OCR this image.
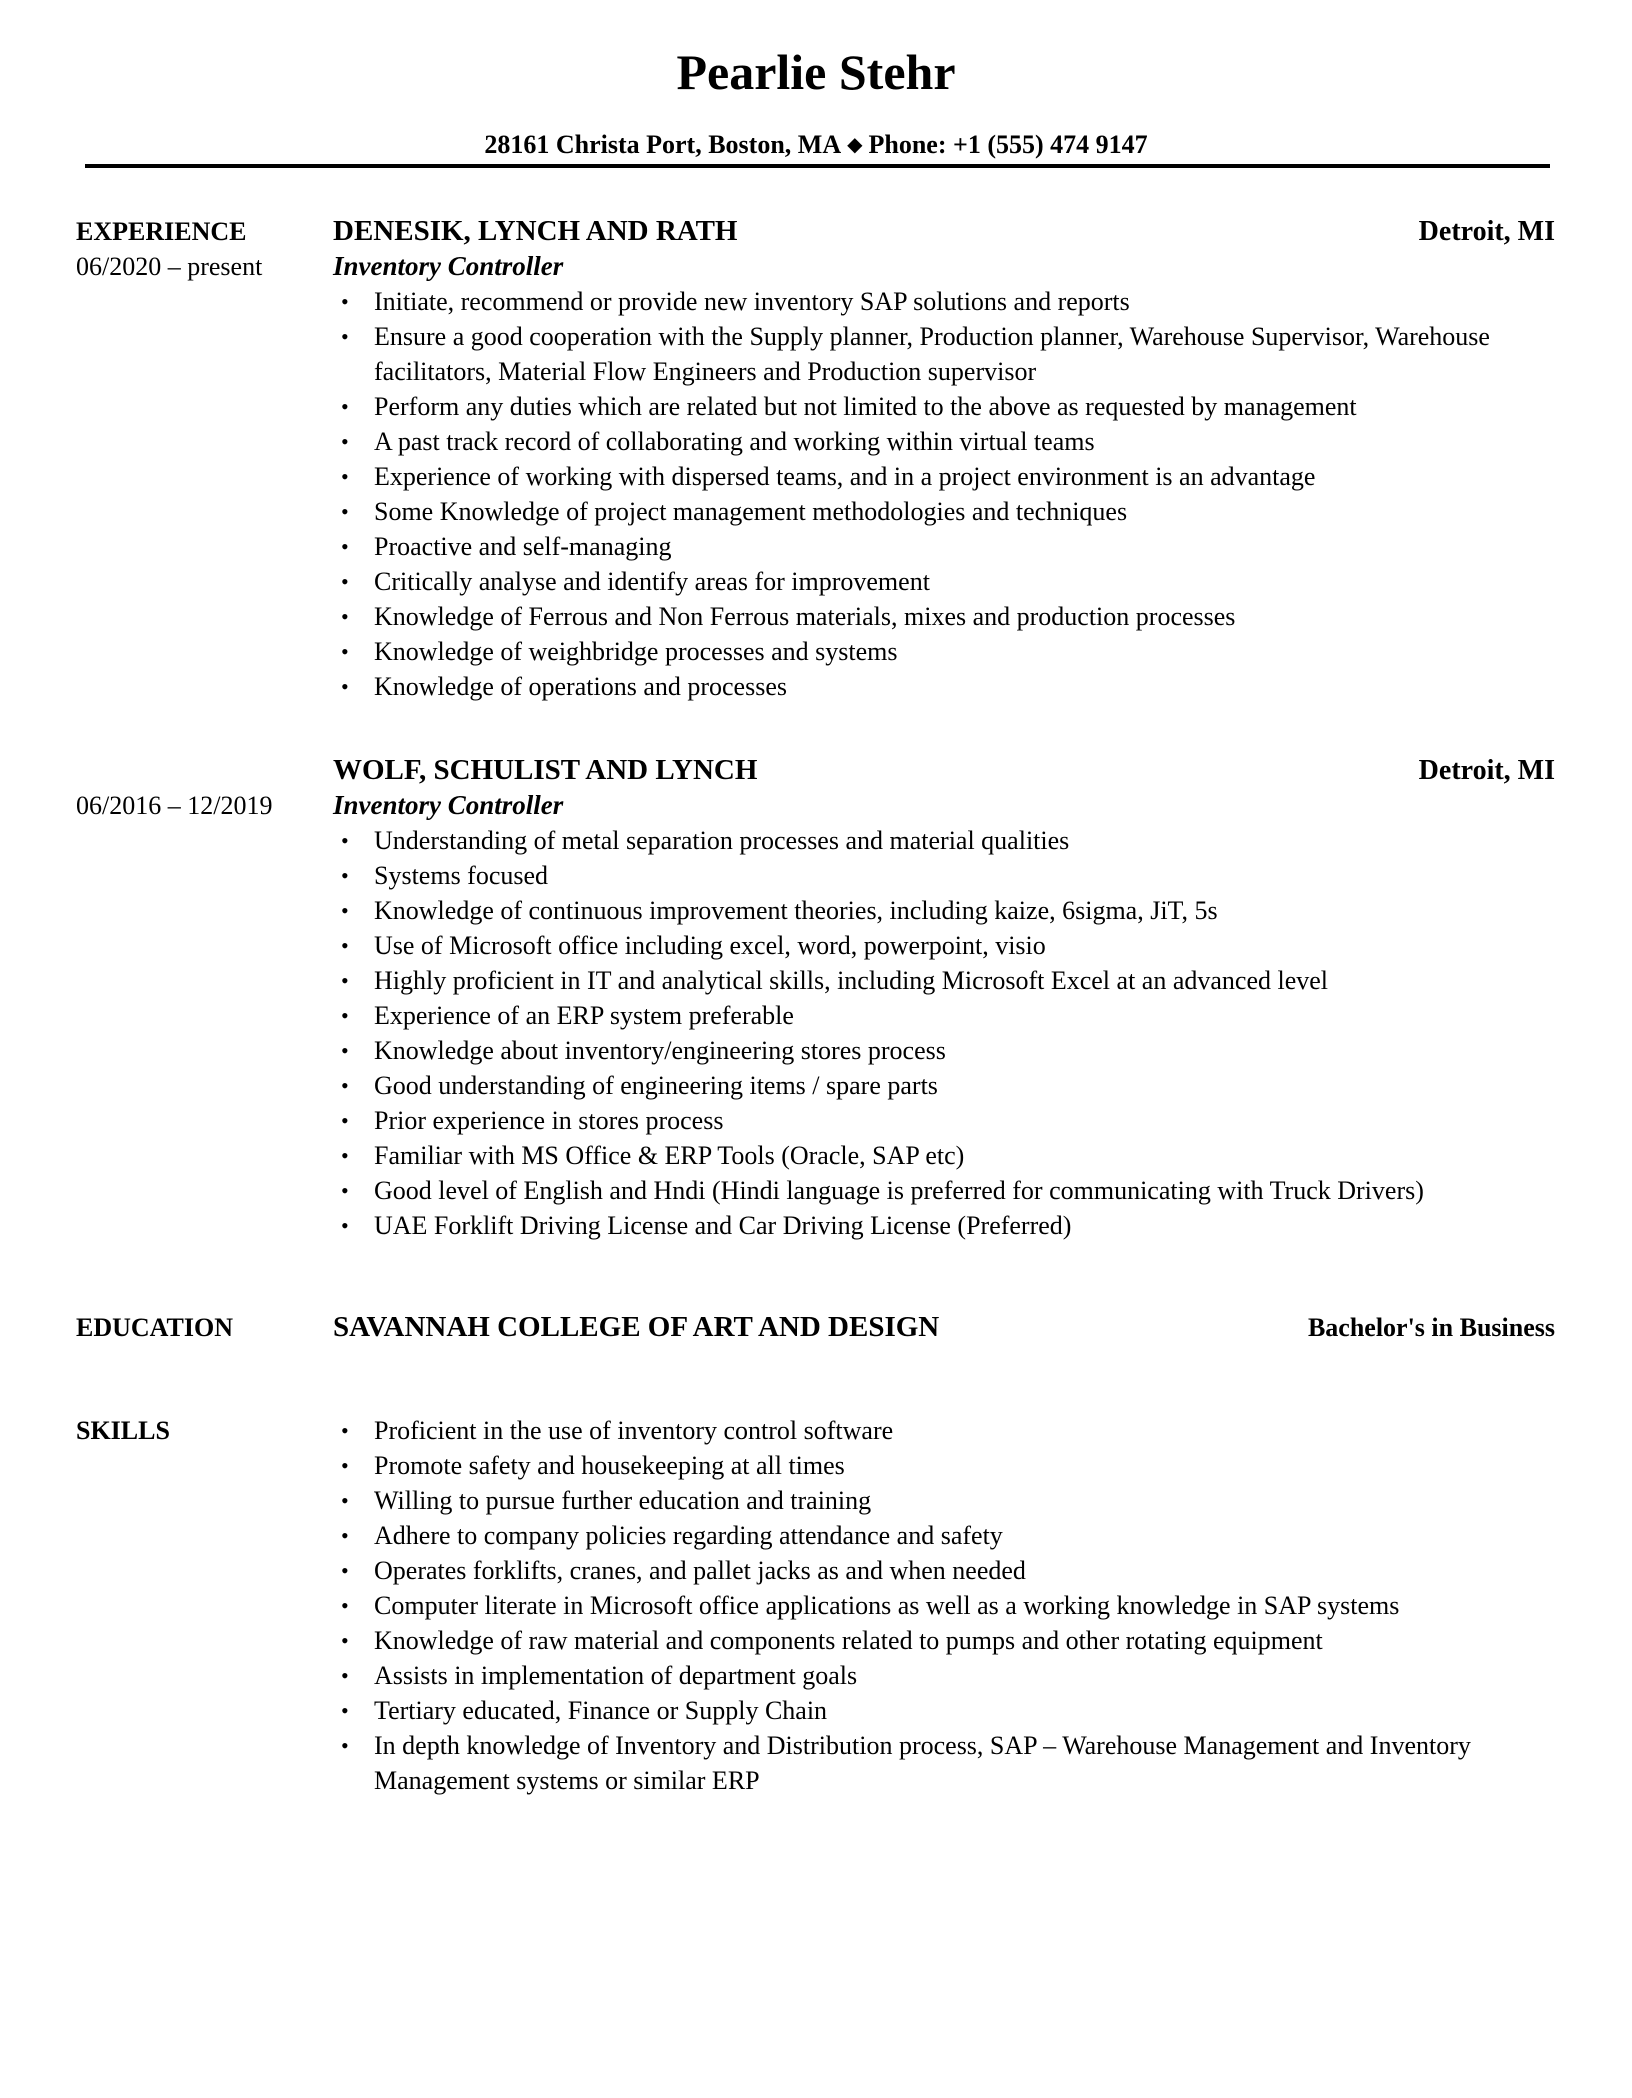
Pearlie Stehr
28161 Christa Port, Boston, MA ◆ Phone: +1 (555) 474 9147
EXPERIENCE
06/2020 – present
DENESIK, LYNCH AND RATH	Detroit, MI
Inventory Controller
• Initiate, recommend or provide new inventory SAP solutions and reports
• Ensure a good cooperation with the Supply planner, Production planner, Warehouse Supervisor, Warehouse facilitators, Material Flow Engineers and Production supervisor
• Perform any duties which are related but not limited to the above as requested by management
• A past track record of collaborating and working within virtual teams
• Experience of working with dispersed teams, and in a project environment is an advantage
• Some Knowledge of project management methodologies and techniques
• Proactive and self-managing
• Critically analyse and identify areas for improvement
• Knowledge of Ferrous and Non Ferrous materials, mixes and production processes
• Knowledge of weighbridge processes and systems
• Knowledge of operations and processes
06/2016 – 12/2019
WOLF, SCHULIST AND LYNCH	Detroit, MI
Inventory Controller
• Understanding of metal separation processes and material qualities
• Systems focused
• Knowledge of continuous improvement theories, including kaize, 6sigma, JiT, 5s
• Use of Microsoft office including excel, word, powerpoint, visio
• Highly proficient in IT and analytical skills, including Microsoft Excel at an advanced level
• Experience of an ERP system preferable
• Knowledge about inventory/engineering stores process
• Good understanding of engineering items / spare parts
• Prior experience in stores process
• Familiar with MS Office & ERP Tools (Oracle, SAP etc)
• Good level of English and Hndi (Hindi language is preferred for communicating with Truck Drivers)
• UAE Forklift Driving License and Car Driving License (Preferred)
EDUCATION	SAVANNAH COLLEGE OF ART AND DESIGN	Bachelor's in Business
SKILLS	• Proficient in the use of inventory control software
• Promote safety and housekeeping at all times
• Willing to pursue further education and training
• Adhere to company policies regarding attendance and safety
• Operates forklifts, cranes, and pallet jacks as and when needed
• Computer literate in Microsoft office applications as well as a working knowledge in SAP systems
• Knowledge of raw material and components related to pumps and other rotating equipment
• Assists in implementation of department goals
• Tertiary educated, Finance or Supply Chain
• In depth knowledge of Inventory and Distribution process, SAP – Warehouse Management and Inventory Management systems or similar ERP
